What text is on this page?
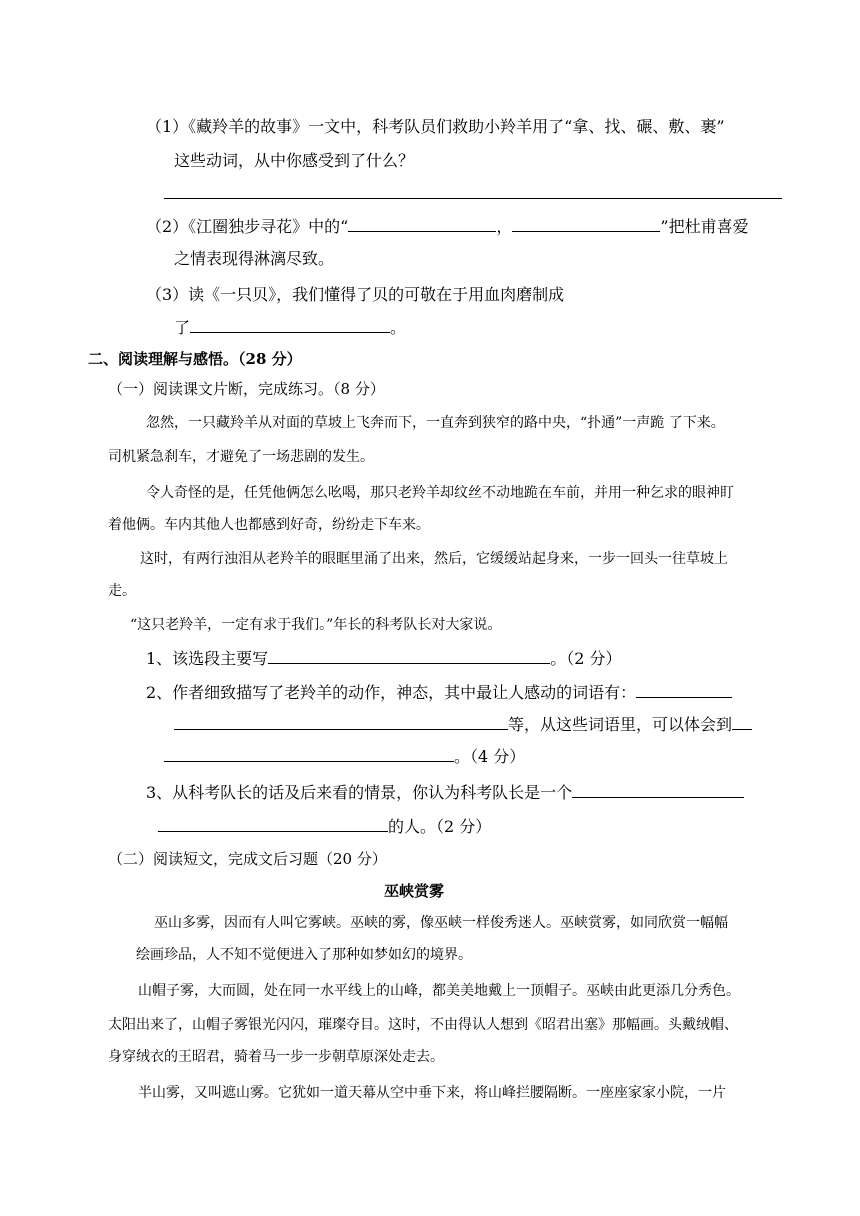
（1）《藏羚羊的故事》一文中，科考队员们救助小羚羊用了“拿、找、碾、敷、裹”
这些动词，从中你感受到了什么？
（2）《江圈独步寻花》中的“	，	”把杜甫喜爱
之情表现得淋漓尽致。
（3）读《一只贝》，我们懂得了贝的可敬在于用血肉磨制成
了	。
二、阅读理解与感悟。（28 分）
（一）阅读课文片断，完成练习。（8 分）
忽然，一只藏羚羊从对面的草坡上飞奔而下，一直奔到狭窄的路中央，“扑通”一声跪 了下来。
司机紧急刹车，才避免了一场悲剧的发生。
令人奇怪的是，任凭他俩怎么吆喝，那只老羚羊却纹丝不动地跪在车前，并用一种乞求的眼神盯
着他俩。车内其他人也都感到好奇，纷纷走下车来。
这时，有两行浊泪从老羚羊的眼眶里涌了出来，然后，它缓缓站起身来，一步一回头一往草坡上
走。
“这只老羚羊，一定有求于我们。”年长的科考队长对大家说。
1、该选段主要写	。（2 分）
2、作者细致描写了老羚羊的动作，神态，其中最让人感动的词语有：
等，从这些词语里，可以体会到
。（4 分）
3、从科考队长的话及后来看的情景，你认为科考队长是一个
的人。（2 分）
（二）阅读短文，完成文后习题（20 分）
巫峡赏雾
巫山多雾，因而有人叫它雾峡。巫峡的雾，像巫峡一样俊秀迷人。巫峡赏雾，如同欣赏一幅幅
绘画珍品，人不知不觉便进入了那种如梦如幻的境界。
山帽子雾，大而圆，处在同一水平线上的山峰，都美美地戴上一顶帽子。巫峡由此更添几分秀色。
太阳出来了，山帽子雾银光闪闪，璀璨夺目。这时，不由得认人想到《昭君出塞》那幅画。头戴绒帽、
身穿绒衣的王昭君，骑着马一步一步朝草原深处走去。
半山雾，又叫遮山雾。它犹如一道天幕从空中垂下来，将山峰拦腰隔断。一座座家家小院，一片
